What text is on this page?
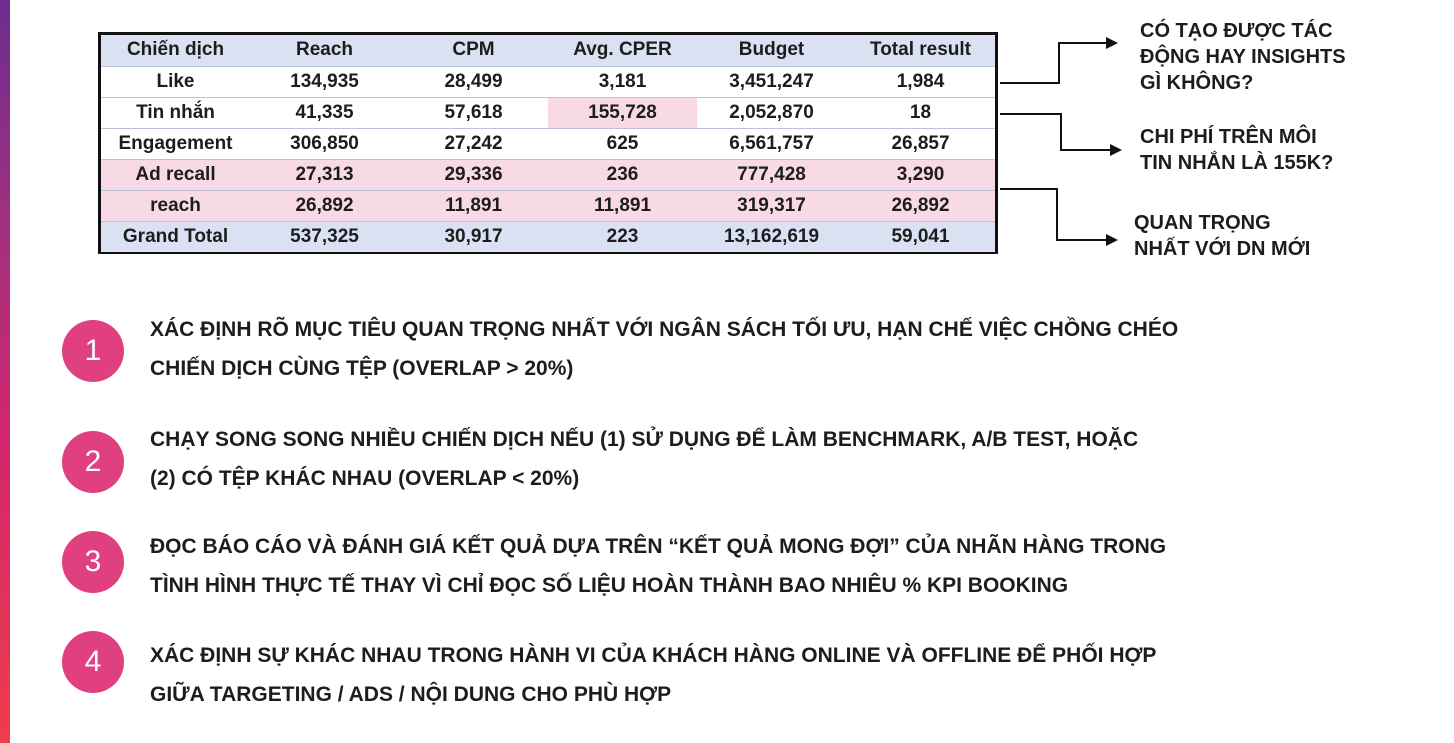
Chiến dịch	Reach	CPM	Avg. CPER	Budget	Total result
Like	134,935	28,499	3,181	3,451,247	1,984
Tin nhắn	41,335	57,618	155,728	2,052,870	18
Engagement	306,850	27,242	625	6,561,757	26,857
Ad recall	27,313	29,336	236	777,428	3,290
reach	26,892	11,891	11,891	319,317	26,892
Grand Total	537,325	30,917	223	13,162,619	59,041
CÓ TẠO ĐƯỢC TÁC
ĐỘNG HAY INSIGHTS
GÌ KHÔNG?
CHI PHÍ TRÊN MÔI
TIN NHẮN LÀ 155K?
QUAN TRỌNG
NHẤT VỚI DN MỚI
1
XÁC ĐỊNH RÕ MỤC TIÊU QUAN TRỌNG NHẤT VỚI NGÂN SÁCH TỐI ƯU, HẠN CHẾ VIỆC CHỒNG CHÉO
CHIẾN DỊCH CÙNG TỆP (OVERLAP > 20%)
2
CHẠY SONG SONG NHIỀU CHIẾN DỊCH NẾU (1) SỬ DỤNG ĐỂ LÀM BENCHMARK, A/B TEST, HOẶC
(2) CÓ TỆP KHÁC NHAU (OVERLAP < 20%)
3	ĐỌC BÁO CÁO VÀ ĐÁNH GIÁ KẾT QUẢ DỰA TRÊN “KẾT QUẢ MONG ĐỢI” CỦA NHÃN HÀNG TRONG
TÌNH HÌNH THỰC TẾ THAY VÌ CHỈ ĐỌC SỐ LIỆU HOÀN THÀNH BAO NHIÊU % KPI BOOKING
4	XÁC ĐỊNH SỰ KHÁC NHAU TRONG HÀNH VI CỦA KHÁCH HÀNG ONLINE VÀ OFFLINE ĐỂ PHỐI HỢP
GIỮA TARGETING / ADS / NỘI DUNG CHO PHÙ HỢP
